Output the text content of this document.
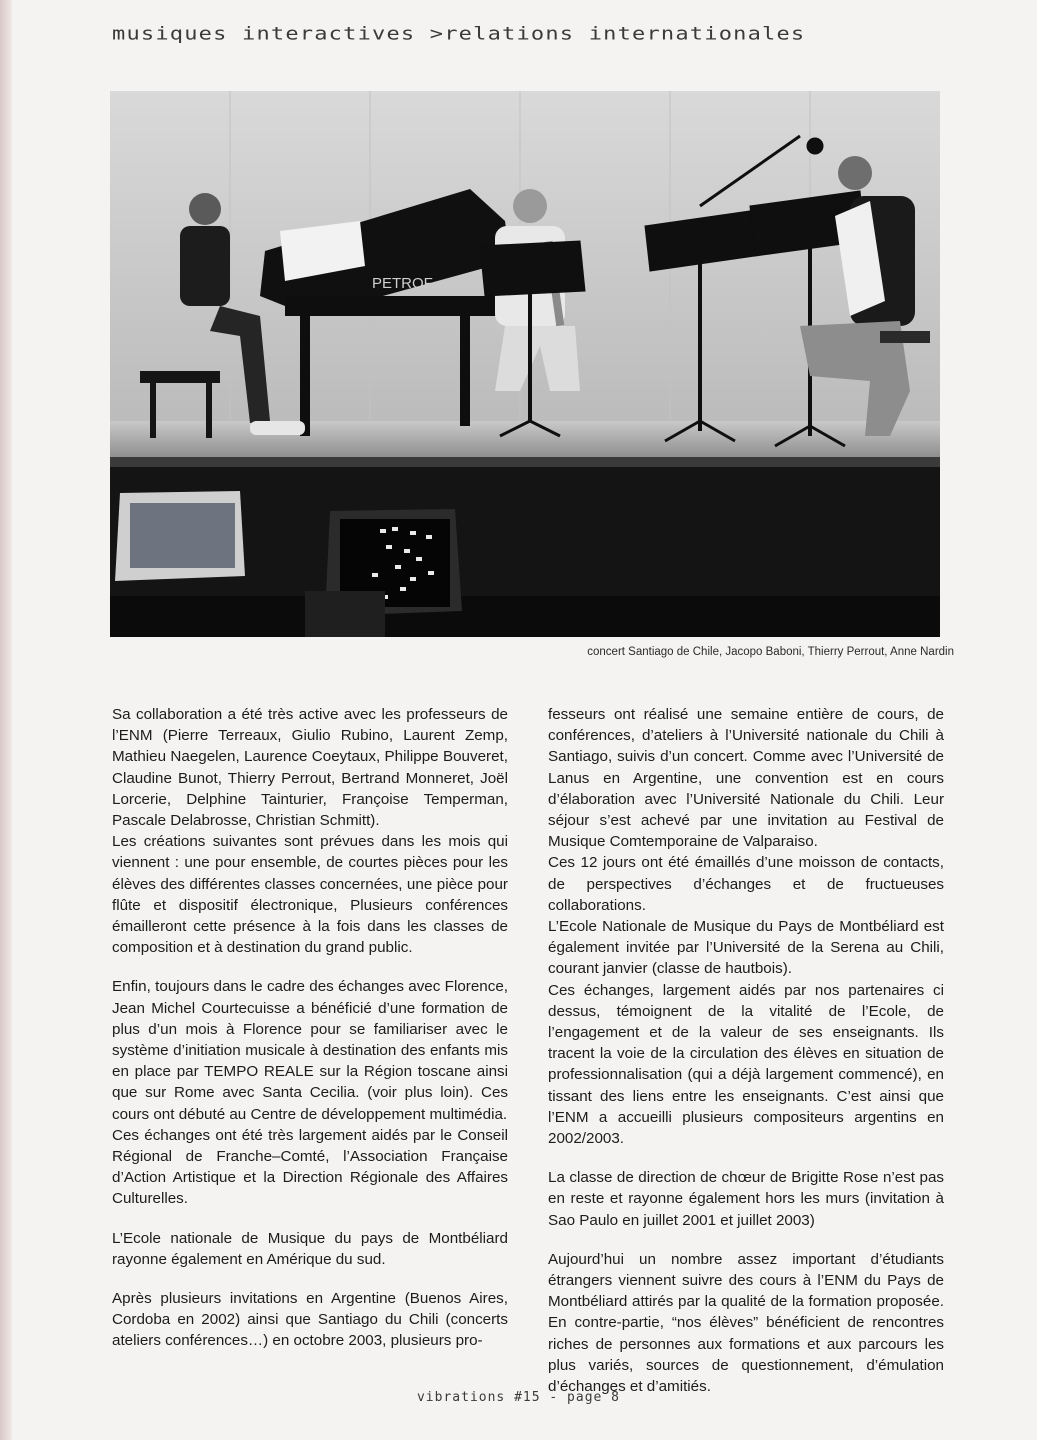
musiques interactives >relations internationales
PETROF
concert Santiago de Chile, Jacopo Baboni, Thierry Perrout, Anne Nardin

Sa collaboration a été très active avec les professeurs de l’ENM (Pierre Terreaux, Giulio Rubino, Laurent Zemp, Mathieu Naegelen, Laurence Coeytaux, Philippe Bouveret, Claudine Bunot, Thierry Perrout, Bertrand Monneret, Joël Lorcerie, Delphine Tainturier, Françoise Temperman, Pascale Delabrosse, Christian Schmitt).

Les créations suivantes sont prévues dans les mois qui viennent : une pour ensemble, de courtes pièces pour les élèves des différentes classes concernées, une pièce pour flûte et dispositif électronique, Plusieurs conférences émailleront cette présence à la fois dans les classes de composition et à destination du grand public.

Enfin, toujours dans le cadre des échanges avec Florence, Jean Michel Courtecuisse a bénéficié d’une formation de plus d’un mois à Florence pour se familiariser avec le système d’initiation musicale à destination des enfants mis en place par TEMPO REALE sur la Région toscane ainsi que sur Rome avec Santa Cecilia. (voir plus loin). Ces cours ont débuté au Centre de développement multimédia.

Ces échanges ont été très largement aidés par le Conseil Régional de Franche–Comté, l’Association Française d’Action Artistique et la Direction Régionale des Affaires Culturelles.

L’Ecole nationale de Musique du pays de Montbéliard rayonne également en Amérique du sud.

Après plusieurs invitations en Argentine (Buenos Aires, Cordoba en 2002) ainsi que Santiago du Chili (concerts ateliers conférences…) en octobre 2003, plusieurs pro-

fesseurs ont réalisé une semaine entière de cours, de conférences, d’ateliers à l’Université nationale du Chili à Santiago, suivis d’un concert. Comme avec l’Université de Lanus en Argentine, une convention est en cours d’élaboration avec l’Université Nationale du Chili. Leur séjour s’est achevé par une invitation au Festival de Musique Comtemporaine de Valparaiso.

Ces 12 jours ont été émaillés d’une moisson de contacts, de perspectives d’échanges et de fructueuses collaborations.

L’Ecole Nationale de Musique du Pays de Montbéliard est également invitée par l’Université de la Serena au Chili, courant janvier (classe de hautbois).

Ces échanges, largement aidés par nos partenaires ci dessus, témoignent de la vitalité de l’Ecole, de l’engagement et de la valeur de ses enseignants. Ils tracent la voie de la circulation des élèves en situation de professionnalisation (qui a déjà largement commencé), en tissant des liens entre les enseignants. C’est ainsi que l’ENM a accueilli plusieurs compositeurs argentins en 2002/2003.

La classe de direction de chœur de Brigitte Rose n’est pas en reste et rayonne également hors les murs (invitation à Sao Paulo en juillet 2001 et juillet 2003)

Aujourd’hui un nombre assez important d’étudiants étrangers viennent suivre des cours à l’ENM du Pays de Montbéliard attirés par la qualité de la formation proposée. En contre-partie, “nos élèves” bénéficient de rencontres riches de personnes aux formations et aux parcours les plus variés, sources de questionnement, d’émulation d’échanges et d’amitiés.

vibrations #15 - page 8
